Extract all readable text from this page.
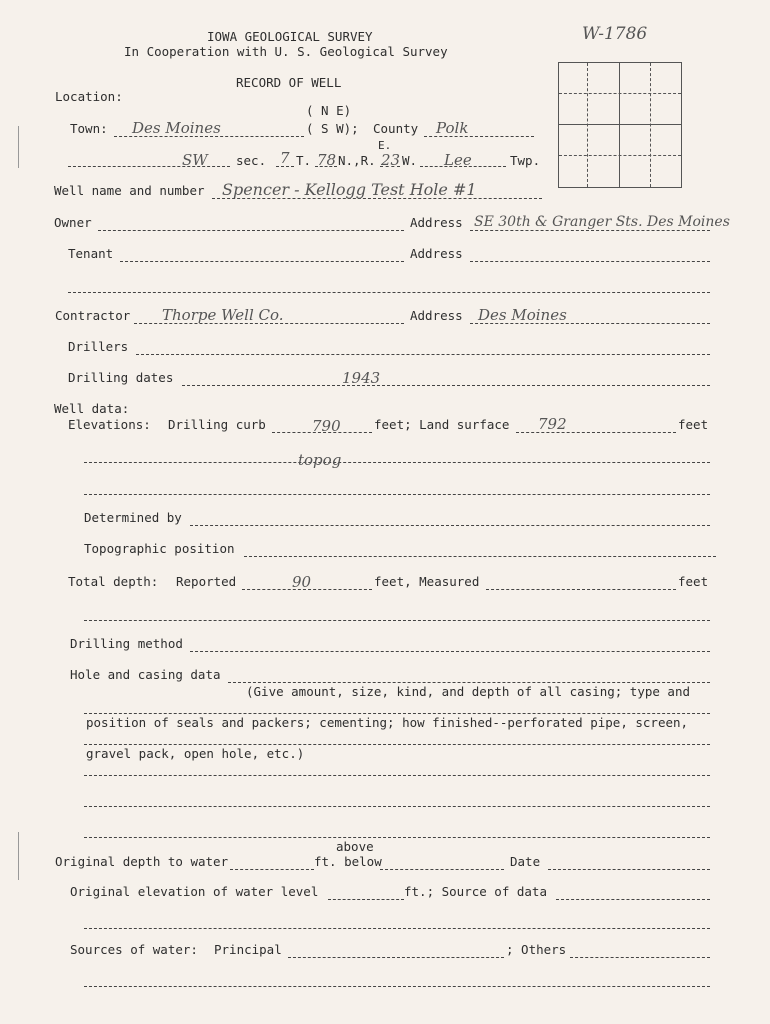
W-1786
IOWA GEOLOGICAL SURVEY
In Cooperation with U. S. Geological Survey
RECORD OF WELL
Location:
( N E)
Town: Des Moines	( S W); County Polk
E.
SW sec. 7 T. 78 N.,R. 23 W. Lee	Twp.
Well name and number Spencer - Kellogg Test Hole #1
Owner	Address SE 30th & Granger Sts. Des Moines
Tenant	Address
Contractor Thorpe Well Co.	Address Des Moines
Drillers
Drilling dates	1943
Well data:
Elevations: Drilling curb	790	feet; Land surface 792	feet
topog
Determined by
Topographic position
Total depth: Reported	90	feet, Measured	feet
Drilling method
Hole and casing data
(Give amount, size, kind, and depth of all casing; type and
position of seals and packers; cementing; how finished--perforated pipe, screen,
gravel pack, open hole, etc.)
above
Original depth to water	ft. below	Date
Original elevation of water level	ft.; Source of data
Sources of water: Principal	; Others
